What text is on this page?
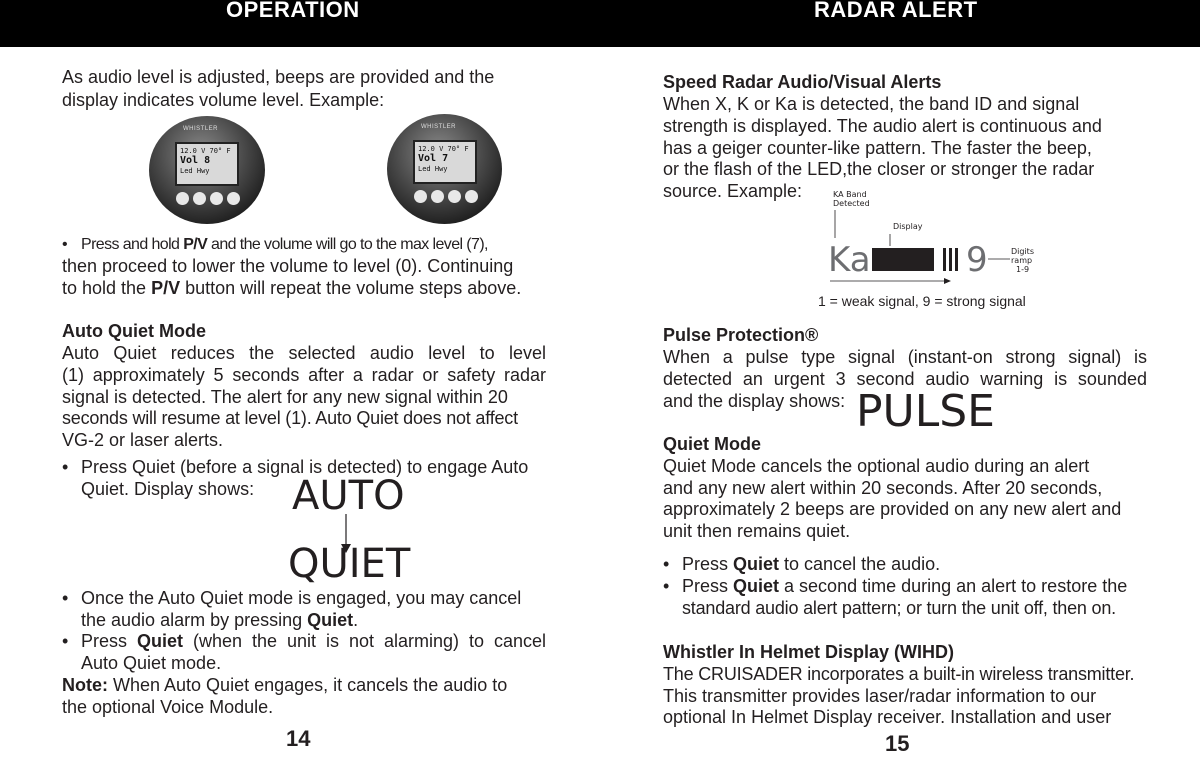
OPERATION	RADAR ALERT
As audio level is adjusted, beeps are provided and the
display indicates volume level. Example:
WHISTLER
12.0 V 70° F
Vol 8
Led Hwy
WHISTLER
12.0 V 70° F
Vol 7
Led Hwy
• Press and hold P/V and the volume will go to the max level (7),
then proceed to lower the volume to level (0). Continuing
to hold the P/V button will repeat the volume steps above.
Auto Quiet Mode
Auto Quiet reduces the selected audio level to level
(1) approximately 5 seconds after a radar or safety radar
signal is detected. The alert for any new signal within 20
seconds will resume at level (1). Auto Quiet does not affect
VG-2 or laser alerts.
• Press Quiet (before a signal is detected) to engage Auto
Quiet. Display shows: AUTO
QUIET
• Once the Auto Quiet mode is engaged, you may cancel
the audio alarm by pressing Quiet.
• Press Quiet (when the unit is not alarming) to cancel
Auto Quiet mode.
Note: When Auto Quiet engages, it cancels the audio to
the optional Voice Module.
14
Speed Radar Audio/Visual Alerts
When X, K or Ka is detected, the band ID and signal
strength is displayed. The audio alert is continuous and
has a geiger counter-like pattern. The faster the beep,
or the flash of the LED,the closer or stronger the radar
source. Example:	KA Band
Detected
Display
Ka	9	Digits
ramp
1-9
1 = weak signal, 9 = strong signal
Pulse Protection®
When a pulse type signal (instant-on strong signal) is
detected an urgent 3 second audio warning is sounded
and the display shows: PULSE
Quiet Mode
Quiet Mode cancels the optional audio during an alert
and any new alert within 20 seconds. After 20 seconds,
approximately 2 beeps are provided on any new alert and
unit then remains quiet.
• Press Quiet to cancel the audio.
• Press Quiet a second time during an alert to restore the
standard audio alert pattern; or turn the unit off, then on.
Whistler In Helmet Display (WIHD)
The CRUISADER incorporates a built-in wireless transmitter.
This transmitter provides laser/radar information to our
optional In Helmet Display receiver. Installation and user
15
